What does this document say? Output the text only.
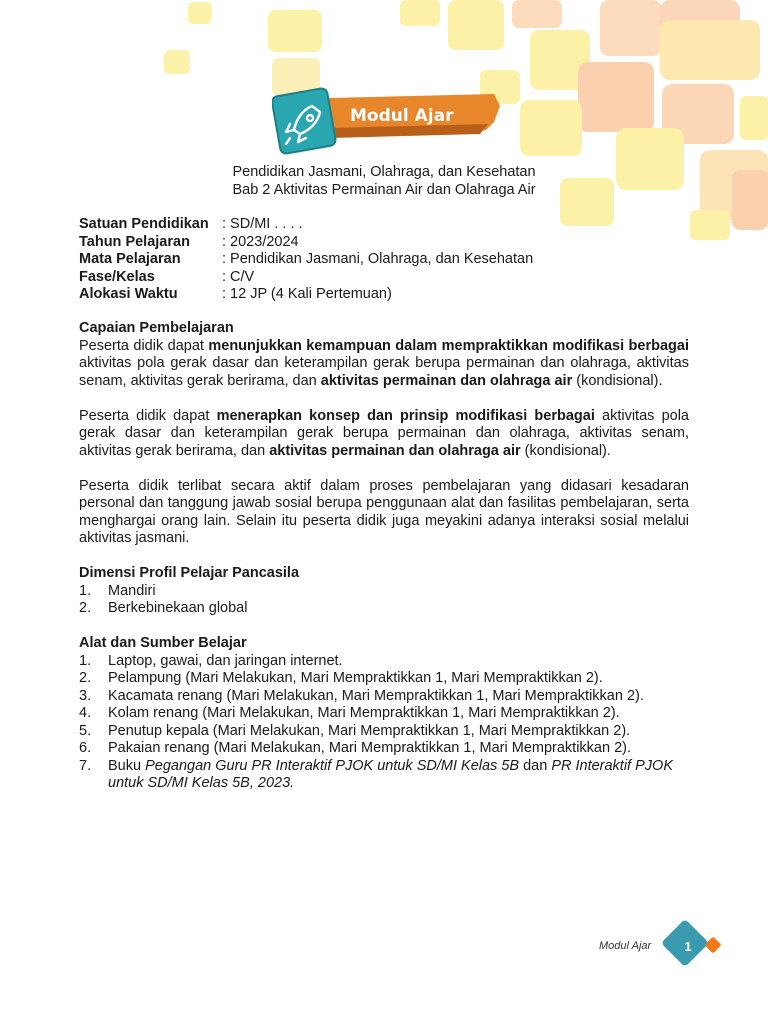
Modul Ajar
Pendidikan Jasmani, Olahraga, dan Kesehatan
Bab 2 Aktivitas Permainan Air dan Olahraga Air
Satuan Pendidikan : SD/MI . . . .
Tahun Pelajaran	: 2023/2024
Mata Pelajaran	: Pendidikan Jasmani, Olahraga, dan Kesehatan
Fase/Kelas	: C/V
Alokasi Waktu	: 12 JP (4 Kali Pertemuan)
Capaian Pembelajaran

Peserta didik dapat menunjukkan kemampuan dalam mempraktikkan modifikasi berbagai aktivitas pola gerak dasar dan keterampilan gerak berupa permainan dan olahraga, aktivitas senam, aktivitas gerak berirama, dan aktivitas permainan dan olahraga air (kondisional).

Peserta didik dapat menerapkan konsep dan prinsip modifikasi berbagai aktivitas pola gerak dasar dan keterampilan gerak berupa permainan dan olahraga, aktivitas senam, aktivitas gerak berirama, dan aktivitas permainan dan olahraga air (kondisional).

Peserta didik terlibat secara aktif dalam proses pembelajaran yang didasari kesadaran personal dan tanggung jawab sosial berupa penggunaan alat dan fasilitas pembelajaran, serta menghargai orang lain. Selain itu peserta didik juga meyakini adanya interaksi sosial melalui aktivitas jasmani.

Dimensi Profil Pelajar Pancasila
1.	Mandiri
2.	Berkebinekaan global
Alat dan Sumber Belajar
1.	Laptop, gawai, dan jaringan internet.
2.	Pelampung (Mari Melakukan, Mari Mempraktikkan 1, Mari Mempraktikkan 2).
3.	Kacamata renang (Mari Melakukan, Mari Mempraktikkan 1, Mari Mempraktikkan 2).
4.	Kolam renang (Mari Melakukan, Mari Mempraktikkan 1, Mari Mempraktikkan 2).
5.	Penutup kepala (Mari Melakukan, Mari Mempraktikkan 1, Mari Mempraktikkan 2).
6.	Pakaian renang (Mari Melakukan, Mari Mempraktikkan 1, Mari Mempraktikkan 2).
7.	Buku Pegangan Guru PR Interaktif PJOK untuk SD/MI Kelas 5B dan PR Interaktif PJOK untuk SD/MI Kelas 5B, 2023.
Modul Ajar	1
